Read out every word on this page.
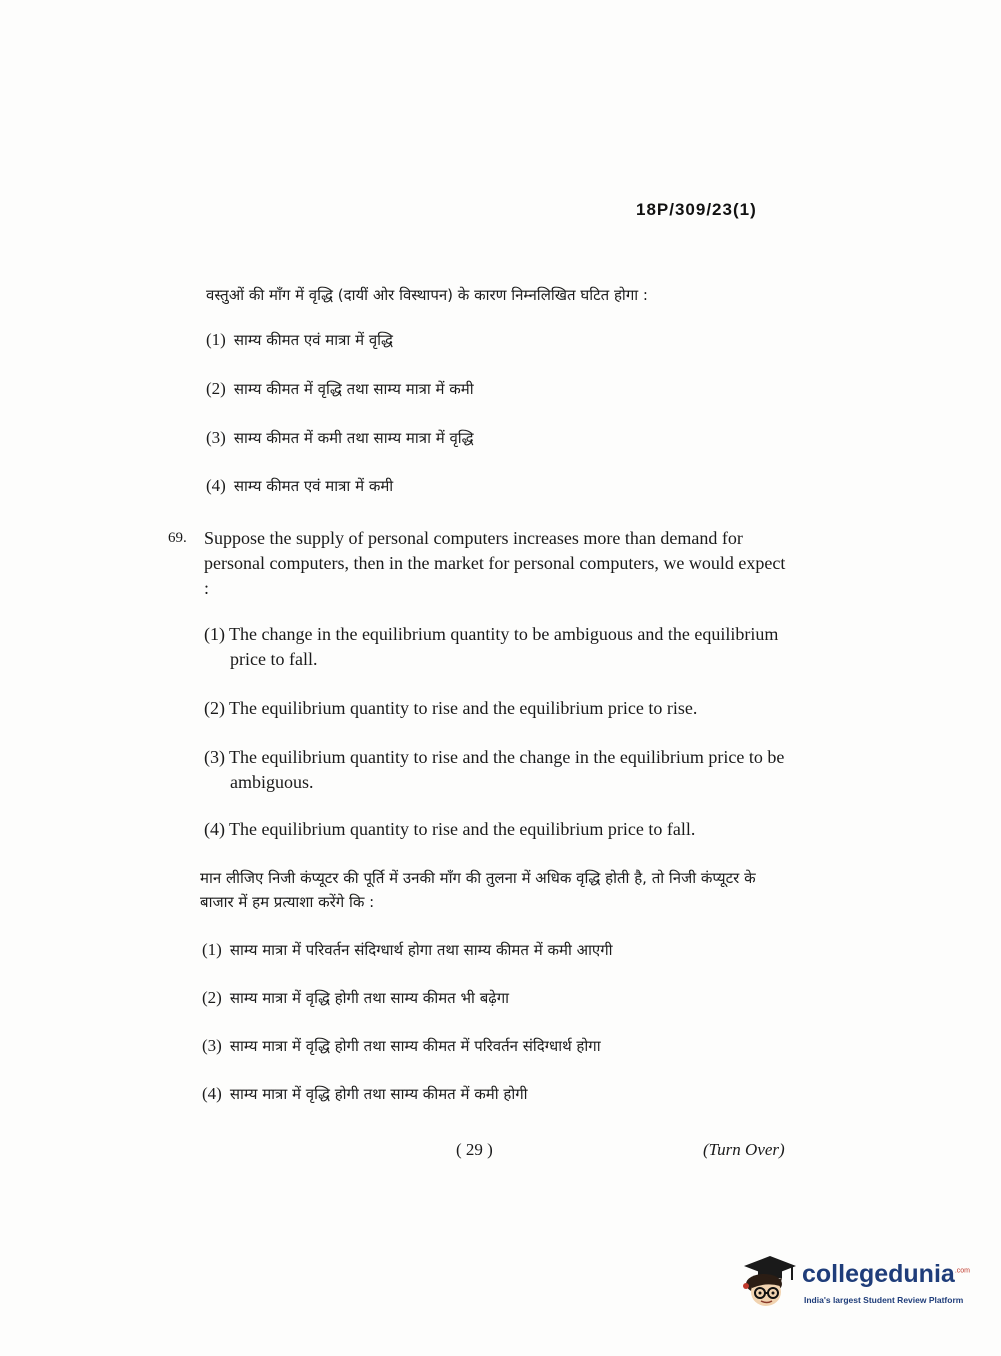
18P/309/23(1)
वस्तुओं की माँग में वृद्धि (दायीं ओर विस्थापन) के कारण निम्नलिखित घटित होगा :
(1) साम्य कीमत एवं मात्रा में वृद्धि
(2) साम्य कीमत में वृद्धि तथा साम्य मात्रा में कमी
(3) साम्य कीमत में कमी तथा साम्य मात्रा में वृद्धि
(4) साम्य कीमत एवं मात्रा में कमी
69. Suppose the supply of personal computers increases more than demand for personal computers, then in the market for personal computers, we would expect :
(1) The change in the equilibrium quantity to be ambiguous and the equilibrium
price to fall.
(2) The equilibrium quantity to rise and the equilibrium price to rise.
(3) The equilibrium quantity to rise and the change in the equilibrium price to be
ambiguous.
(4) The equilibrium quantity to rise and the equilibrium price to fall.
मान लीजिए निजी कंप्यूटर की पूर्ति में उनकी माँग की तुलना में अधिक वृद्धि होती है, तो निजी कंप्यूटर के बाजार में हम प्रत्याशा करेंगे कि :
(1) साम्य मात्रा में परिवर्तन संदिग्धार्थ होगा तथा साम्य कीमत में कमी आएगी
(2) साम्य मात्रा में वृद्धि होगी तथा साम्य कीमत भी बढ़ेगा
(3) साम्य मात्रा में वृद्धि होगी तथा साम्य कीमत में परिवर्तन संदिग्धार्थ होगा
(4) साम्य मात्रा में वृद्धि होगी तथा साम्य कीमत में कमी होगी
( 29 )	(Turn Over)
collegedunia$^{.com}$
India's largest Student Review Platform
